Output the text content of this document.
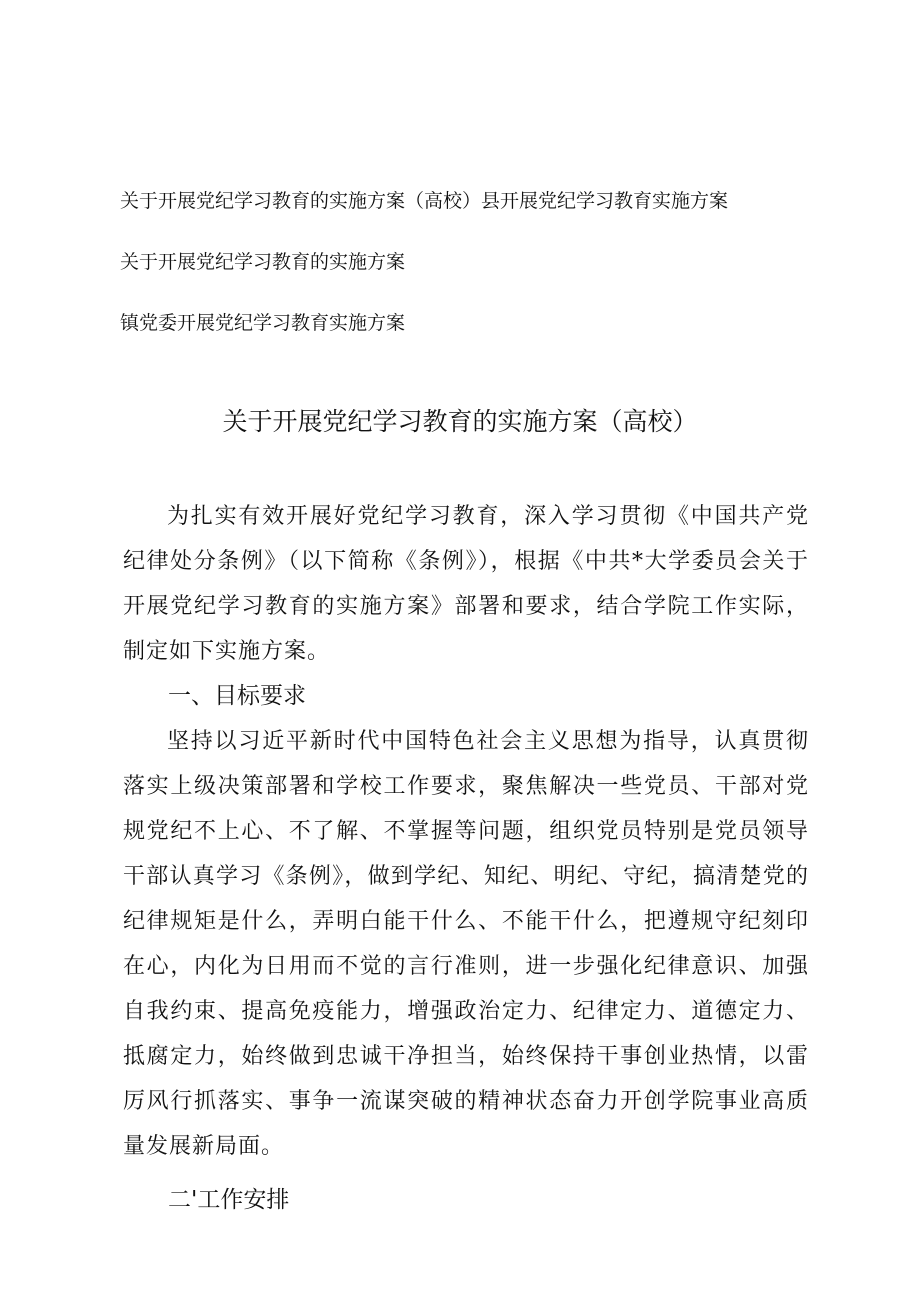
关于开展党纪学习教育的实施方案（高校）县开展党纪学习教育实施方案
关于开展党纪学习教育的实施方案
镇党委开展党纪学习教育实施方案
关于开展党纪学习教育的实施方案（高校）

为扎实有效开展好党纪学习教育，深入学习贯彻《中国共产党纪律处分条例》（以下简称《条例》），根据《中共*大学委员会关于开展党纪学习教育的实施方案》部署和要求，结合学院工作实际，制定如下实施方案。

一、目标要求

坚持以习近平新时代中国特色社会主义思想为指导，认真贯彻落实上级决策部署和学校工作要求，聚焦解决一些党员、干部对党规党纪不上心、不了解、不掌握等问题，组织党员特别是党员领导干部认真学习《条例》，做到学纪、知纪、明纪、守纪，搞清楚党的纪律规矩是什么，弄明白能干什么、不能干什么，把遵规守纪刻印在心，内化为日用而不觉的言行准则，进一步强化纪律意识、加强自我约束、提高免疫能力，增强政治定力、纪律定力、道德定力、抵腐定力，始终做到忠诚干净担当，始终保持干事创业热情，以雷厉风行抓落实、事争一流谋突破的精神状态奋力开创学院事业高质量发展新局面。

二'工作安排
